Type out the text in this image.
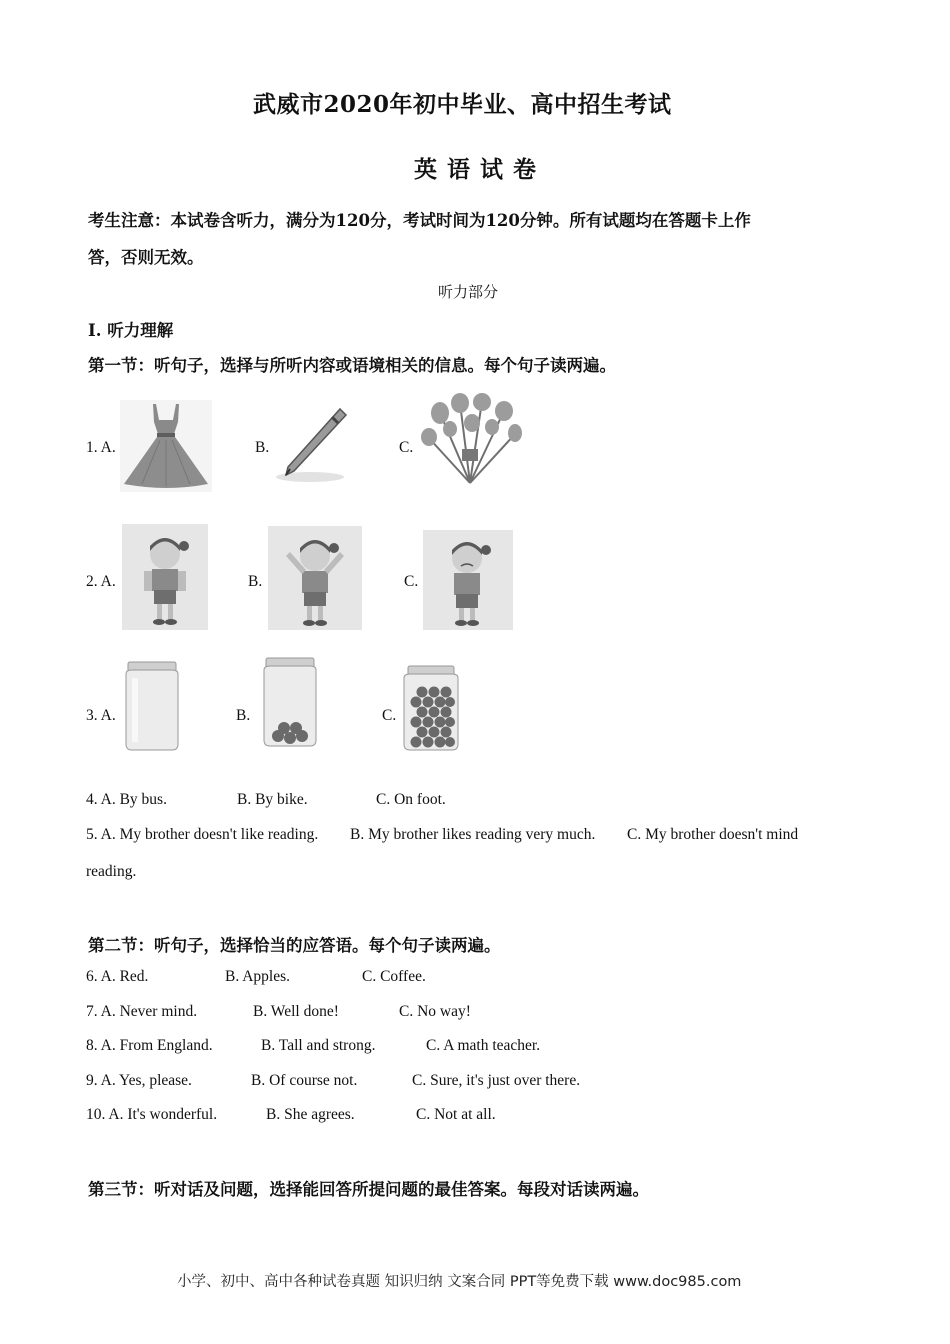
武威市2020年初中毕业、高中招生考试
英语试卷
考生注意：本试卷含听力，满分为120分，考试时间为120分钟。所有试题均在答题卡上作
答，否则无效。
听力部分
I. 听力理解
第一节：听句子，选择与所听内容或语境相关的信息。每个句子读两遍。
1. A.	B.	C.
2. A.	B.	C.
3. A.	B.	C.
4. A. By bus.	B. By bike.	C. On foot.
5. A. My brother doesn't like reading. B. My brother likes reading very much. C. My brother doesn't mind
reading.
第二节：听句子，选择恰当的应答语。每个句子读两遍。
6. A. Red.	B. Apples.	C. Coffee.
7. A. Never mind.	B. Well done!	C. No way!
8. A. From England.	B. Tall and strong.	C. A math teacher.
9. A. Yes, please.	B. Of course not.	C. Sure, it's just over there.
10. A. It's wonderful.	B. She agrees.	C. Not at all.
第三节：听对话及问题，选择能回答所提问题的最佳答案。每段对话读两遍。
小学、初中、高中各种试卷真题 知识归纳 文案合同 PPT等免费下载 www.doc985.com
